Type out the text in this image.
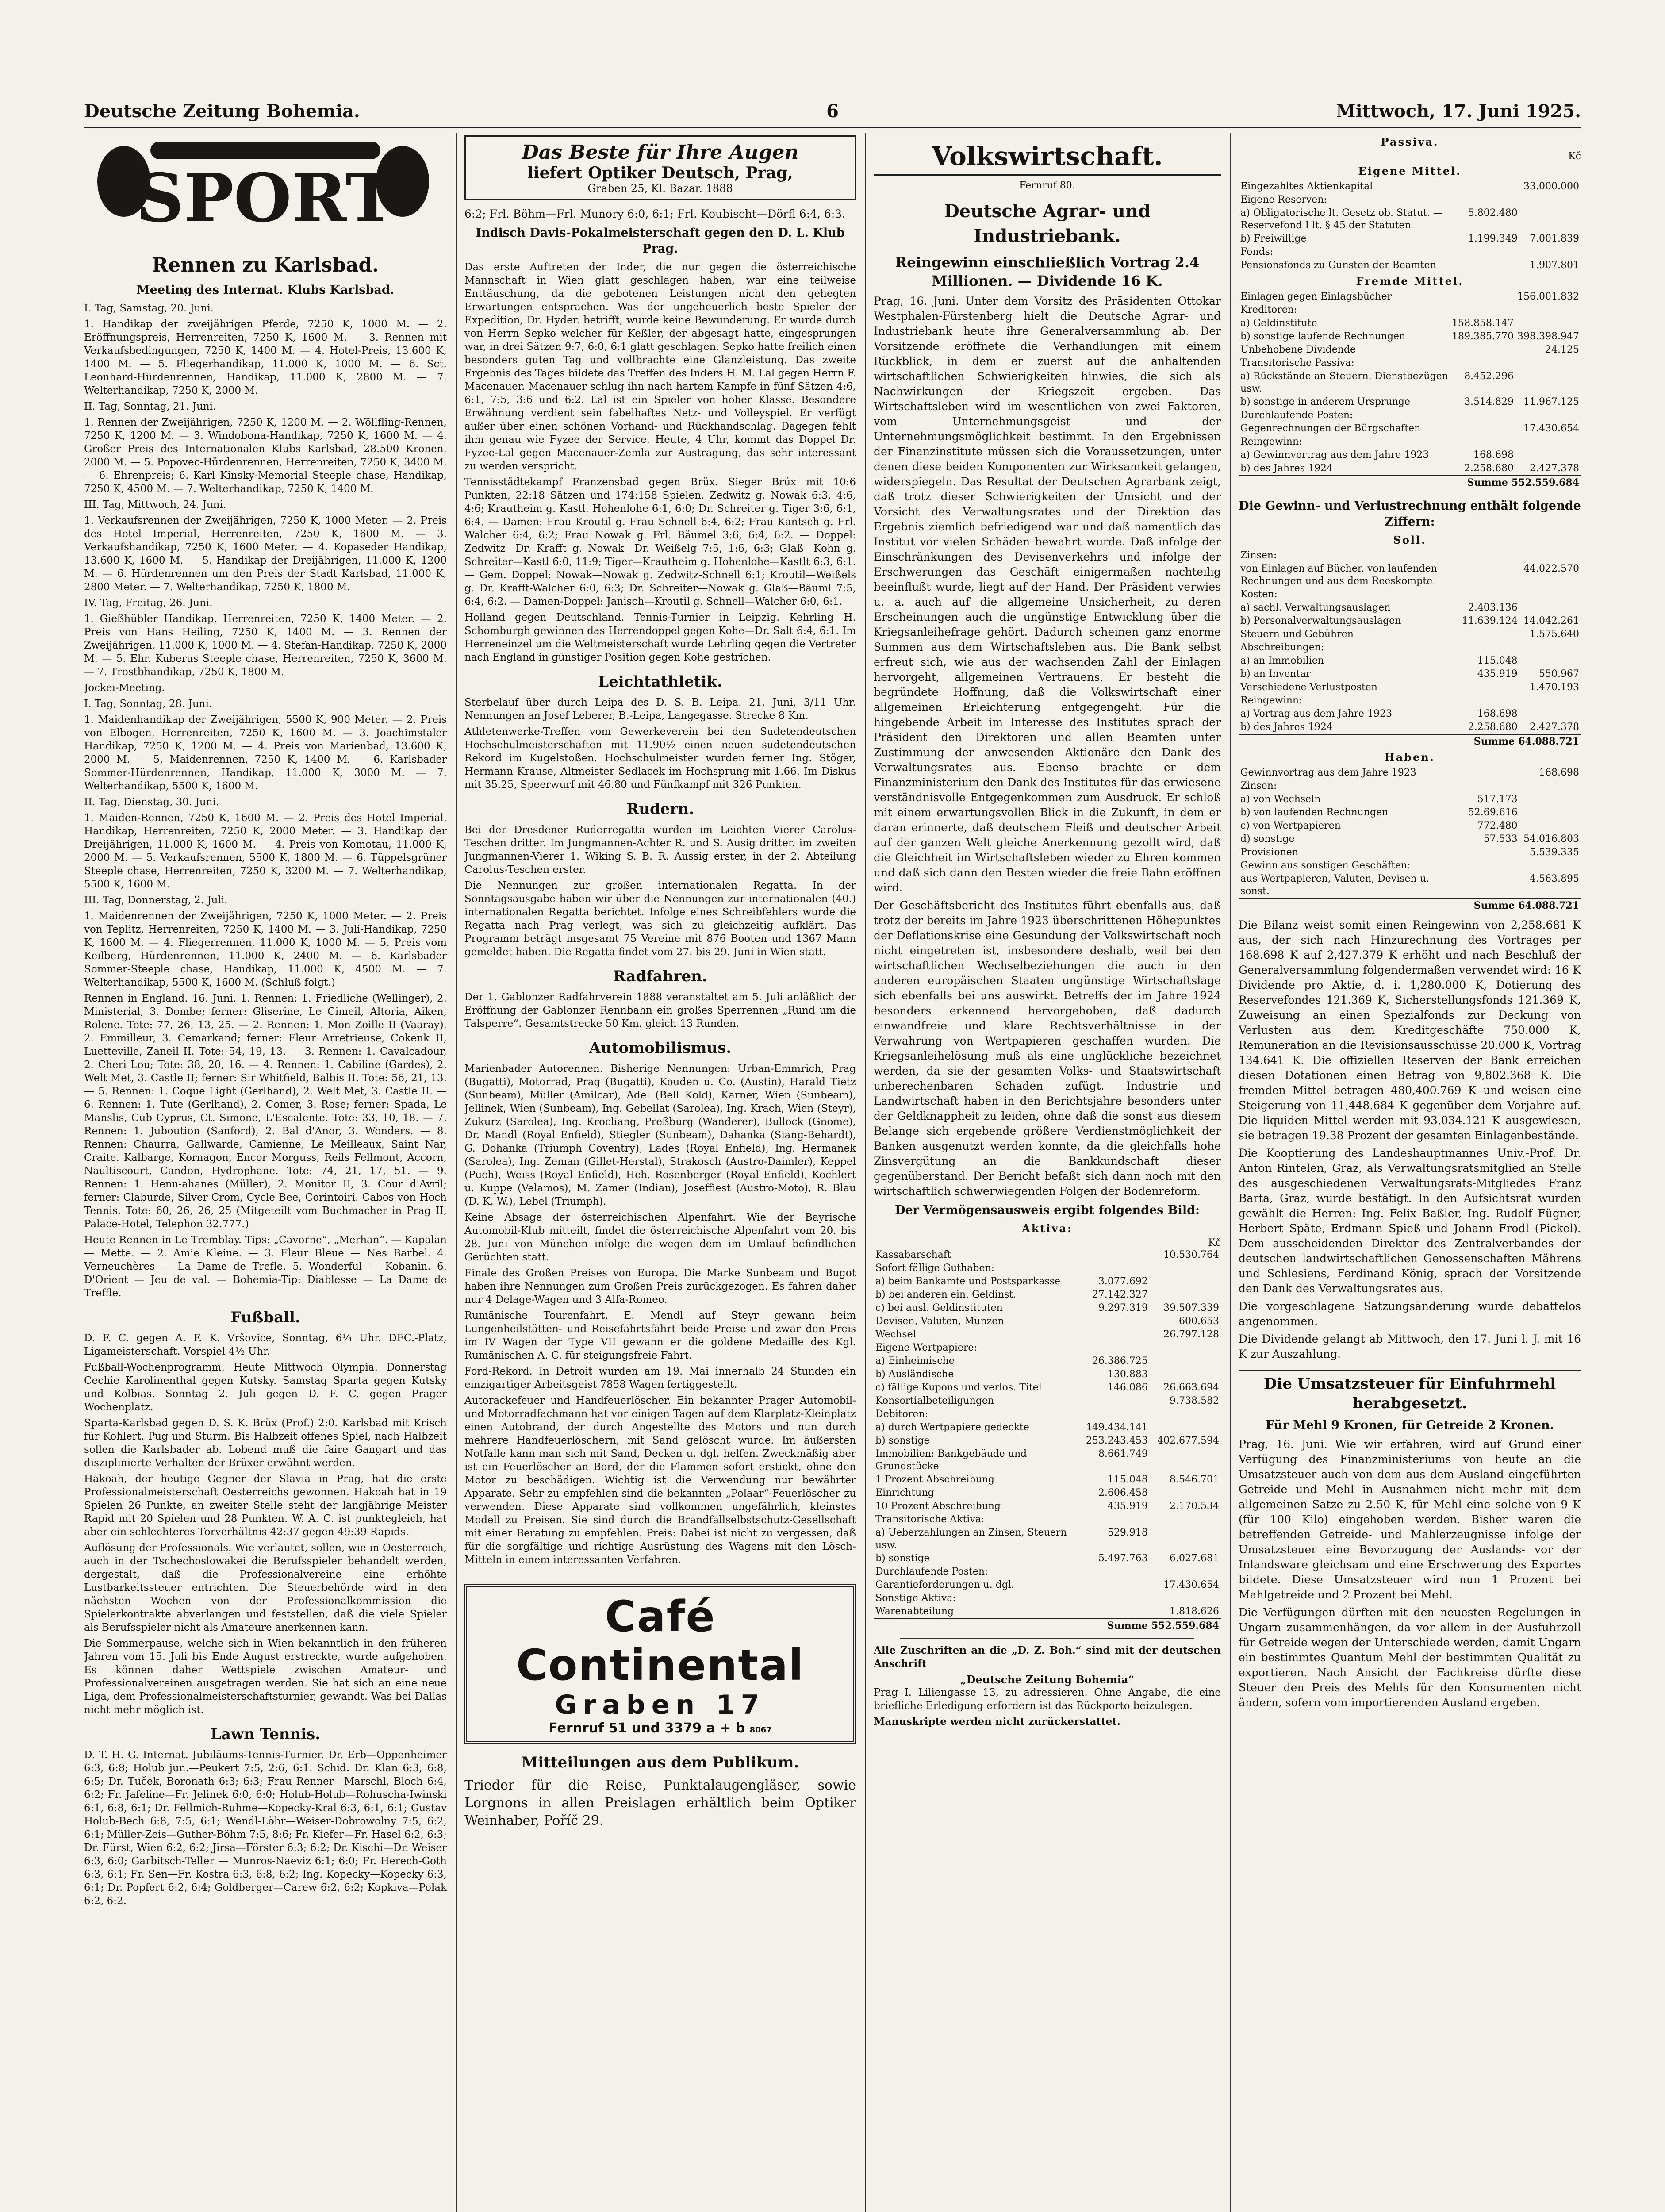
Deutsche Zeitung Bohemia.	6	Mittwoch, 17. Juni 1925.
SPORT
Rennen zu Karlsbad.
Meeting des Internat. Klubs Karlsbad.

I. Tag, Samstag, 20. Juni.

1. Handikap der zweijährigen Pferde, 7250 K, 1000 M. — 2. Eröffnungspreis, Herrenreiten, 7250 K, 1600 M. — 3. Rennen mit Verkaufsbedingungen, 7250 K, 1400 M. — 4. Hotel-Preis, 13.600 K, 1400 M. — 5. Fliegerhandikap, 11.000 K, 1000 M. — 6. Sct. Leonhard-Hürdenrennen, Handikap, 11.000 K, 2800 M. — 7. Welterhandikap, 7250 K, 2000 M.

II. Tag, Sonntag, 21. Juni.

1. Rennen der Zweijährigen, 7250 K, 1200 M. — 2. Wöllfling-Rennen, 7250 K, 1200 M. — 3. Windobona-Handikap, 7250 K, 1600 M. — 4. Großer Preis des Internationalen Klubs Karlsbad, 28.500 Kronen, 2000 M. — 5. Popovec-Hürdenrennen, Herrenreiten, 7250 K, 3400 M. — 6. Ehrenpreis; 6. Karl Kinsky-Memorial Steeple chase, Handikap, 7250 K, 4500 M. — 7. Welterhandikap, 7250 K, 1400 M.

III. Tag, Mittwoch, 24. Juni.

1. Verkaufsrennen der Zweijährigen, 7250 K, 1000 Meter. — 2. Preis des Hotel Imperial, Herrenreiten, 7250 K, 1600 M. — 3. Verkaufshandikap, 7250 K, 1600 Meter. — 4. Kopaseder Handikap, 13.600 K, 1600 M. — 5. Handikap der Dreijährigen, 11.000 K, 1200 M. — 6. Hürdenrennen um den Preis der Stadt Karlsbad, 11.000 K, 2800 Meter. — 7. Welterhandikap, 7250 K, 1800 M.

IV. Tag, Freitag, 26. Juni.

1. Gießhübler Handikap, Herrenreiten, 7250 K, 1400 Meter. — 2. Preis von Hans Heiling, 7250 K, 1400 M. — 3. Rennen der Zweijährigen, 11.000 K, 1000 M. — 4. Stefan-Handikap, 7250 K, 2000 M. — 5. Ehr. Kuberus Steeple chase, Herrenreiten, 7250 K, 3600 M. — 7. Trostbhandikap, 7250 K, 1800 M.

Jockei-Meeting.

I. Tag, Sonntag, 28. Juni.

1. Maidenhandikap der Zweijährigen, 5500 K, 900 Meter. — 2. Preis von Elbogen, Herrenreiten, 7250 K, 1600 M. — 3. Joachimstaler Handikap, 7250 K, 1200 M. — 4. Preis von Marienbad, 13.600 K, 2000 M. — 5. Maidenrennen, 7250 K, 1400 M. — 6. Karlsbader Sommer-Hürdenrennen, Handikap, 11.000 K, 3000 M. — 7. Welterhandikap, 5500 K, 1600 M.

II. Tag, Dienstag, 30. Juni.

1. Maiden-Rennen, 7250 K, 1600 M. — 2. Preis des Hotel Imperial, Handikap, Herrenreiten, 7250 K, 2000 Meter. — 3. Handikap der Dreijährigen, 11.000 K, 1600 M. — 4. Preis von Komotau, 11.000 K, 2000 M. — 5. Verkaufsrennen, 5500 K, 1800 M. — 6. Tüppelsgrüner Steeple chase, Herrenreiten, 7250 K, 3200 M. — 7. Welterhandikap, 5500 K, 1600 M.

III. Tag, Donnerstag, 2. Juli.

1. Maidenrennen der Zweijährigen, 7250 K, 1000 Meter. — 2. Preis von Teplitz, Herrenreiten, 7250 K, 1400 M. — 3. Juli-Handikap, 7250 K, 1600 M. — 4. Fliegerrennen, 11.000 K, 1000 M. — 5. Preis vom Keilberg, Hürdenrennen, 11.000 K, 2400 M. — 6. Karlsbader Sommer-Steeple chase, Handikap, 11.000 K, 4500 M. — 7. Welterhandikap, 5500 K, 1600 M. (Schluß folgt.)

Rennen in England. 16. Juni. 1. Rennen: 1. Friedliche (Wellinger), 2. Ministerial, 3. Dombe; ferner: Gliserine, Le Cimeil, Altoria, Aiken, Rolene. Tote: 77, 26, 13, 25. — 2. Rennen: 1. Mon Zoille II (Vaaray), 2. Emmilleur, 3. Cemarkand; ferner: Fleur Arretrieuse, Cokenk II, Luetteville, Zaneil II. Tote: 54, 19, 13. — 3. Rennen: 1. Cavalcadour, 2. Cheri Lou; Tote: 38, 20, 16. — 4. Rennen: 1. Cabiline (Gardes), 2. Welt Met, 3. Castle II; ferner: Sir Whitfield, Balbis II. Tote: 56, 21, 13. — 5. Rennen: 1. Coque Light (Gerlhand), 2. Welt Met, 3. Castle II. — 6. Rennen: 1. Tute (Gerlhand), 2. Comer, 3. Rose; ferner: Spada, Le Manslis, Cub Cyprus, Ct. Simone, L'Escalente. Tote: 33, 10, 18. — 7. Rennen: 1. Juboution (Sanford), 2. Bal d'Anor, 3. Wonders. — 8. Rennen: Chaurra, Gallwarde, Camienne, Le Meilleaux, Saint Nar, Craite. Kalbarge, Kornagon, Encor Morguss, Reils Fellmont, Accorn, Naultiscourt, Candon, Hydrophane. Tote: 74, 21, 17, 51. — 9. Rennen: 1. Henn-ahanes (Müller), 2. Monitor II, 3. Cour d'Avril; ferner: Claburde, Silver Crom, Cycle Bee, Corintoiri. Cabos von Hoch Tennis. Tote: 60, 26, 26, 25 (Mitgeteilt vom Buchmacher in Prag II, Palace-Hotel, Telephon 32.777.)

Heute Rennen in Le Tremblay. Tips: „Cavorne“, „Merhan“. — Kapalan — Mette. — 2. Amie Kleine. — 3. Fleur Bleue — Nes Barbel. 4. Verneuchères — La Dame de Trefle. 5. Wonderful — Kobanin. 6. D'Orient — Jeu de val. — Bohemia-Tip: Diablesse — La Dame de Treffle.

Fußball.

D. F. C. gegen A. F. K. Vršovice, Sonntag, 6¼ Uhr. DFC.-Platz, Ligameisterschaft. Vorspiel 4½ Uhr.

Fußball-Wochenprogramm. Heute Mittwoch Olympia. Donnerstag Cechie Karolinenthal gegen Kutsky. Samstag Sparta gegen Kutsky und Kolbias. Sonntag 2. Juli gegen D. F. C. gegen Prager Wochenplatz.

Sparta-Karlsbad gegen D. S. K. Brüx (Prof.) 2:0. Karlsbad mit Krisch für Kohlert. Pug und Sturm. Bis Halbzeit offenes Spiel, nach Halbzeit sollen die Karlsbader ab. Lobend muß die faire Gangart und das disziplinierte Verhalten der Brüxer erwähnt werden.

Hakoah, der heutige Gegner der Slavia in Prag, hat die erste Professionalmeisterschaft Oesterreichs gewonnen. Hakoah hat in 19 Spielen 26 Punkte, an zweiter Stelle steht der langjährige Meister Rapid mit 20 Spielen und 28 Punkten. W. A. C. ist punktegleich, hat aber ein schlechteres Torverhältnis 42:37 gegen 49:39 Rapids.

Auflösung der Professionals. Wie verlautet, sollen, wie in Oesterreich, auch in der Tschechoslowakei die Berufsspieler behandelt werden, dergestalt, daß die Professionalvereine eine erhöhte Lustbarkeitssteuer entrichten. Die Steuerbehörde wird in den nächsten Wochen von der Professionalkommission die Spielerkontrakte abverlangen und feststellen, daß die viele Spieler als Berufsspieler nicht als Amateure anerkennen kann.

Die Sommerpause, welche sich in Wien bekanntlich in den früheren Jahren vom 15. Juli bis Ende August erstreckte, wurde aufgehoben. Es können daher Wettspiele zwischen Amateur- und Professionalvereinen ausgetragen werden. Sie hat sich an eine neue Liga, dem Professionalmeisterschaftsturnier, gewandt. Was bei Dallas nicht mehr möglich ist.

Lawn Tennis.

D. T. H. G. Internat. Jubiläums-Tennis-Turnier. Dr. Erb—Oppenheimer 6:3, 6:8; Holub jun.—Peukert 7:5, 2:6, 6:1. Schid. Dr. Klan 6:3, 6:8, 6:5; Dr. Tuček, Boronath 6:3; 6:3; Frau Renner—Marschl, Bloch 6:4, 6:2; Fr. Jafeline—Fr. Jelinek 6:0, 6:0; Holub-Holub—Rohuscha-Iwinski 6:1, 6:8, 6:1; Dr. Fellmich-Ruhme—Kopecky-Kral 6:3, 6:1, 6:1; Gustav Holub-Bech 6:8, 7:5, 6:1; Wendl-Löhr—Weiser-Dobrowolny 7:5, 6:2, 6:1; Müller-Zeis—Guther-Böhm 7:5, 8:6; Fr. Kiefer—Fr. Hasel 6:2, 6:3; Dr. Fürst, Wien 6:2, 6:2; Jirsa—Förster 6:3; 6:2; Dr. Kischi—Dr. Weiser 6:3, 6:0; Garbitsch-Teller — Munros-Naeviz 6:1; 6:0; Fr. Herech-Goth 6:3, 6:1; Fr. Sen—Fr. Kostra 6:3, 6:8, 6:2; Ing. Kopecky—Kopecky 6:3, 6:1; Dr. Popfert 6:2, 6:4; Goldberger—Carew 6:2, 6:2; Kopkiva—Polak 6:2, 6:2.

Das Beste für Ihre Augen
liefert Optiker Deutsch, Prag,
Graben 25, Kl. Bazar. 1888

6:2; Frl. Böhm—Frl. Munory 6:0, 6:1; Frl. Koubischt—Dörfl 6:4, 6:3.

Indisch Davis-Pokalmeisterschaft gegen den D. L. Klub Prag.

Das erste Auftreten der Inder, die nur gegen die österreichische Mannschaft in Wien glatt geschlagen haben, war eine teilweise Enttäuschung, da die gebotenen Leistungen nicht den gehegten Erwartungen entsprachen. Was der ungeheuerlich beste Spieler der Expedition, Dr. Hyder. betrifft, wurde keine Bewunderung. Er wurde durch von Herrn Sepko welcher für Keßler, der abgesagt hatte, eingesprungen war, in drei Sätzen 9:7, 6:0, 6:1 glatt geschlagen. Sepko hatte freilich einen besonders guten Tag und vollbrachte eine Glanzleistung. Das zweite Ergebnis des Tages bildete das Treffen des Inders H. M. Lal gegen Herrn F. Macenauer. Macenauer schlug ihn nach hartem Kampfe in fünf Sätzen 4:6, 6:1, 7:5, 3:6 und 6:2. Lal ist ein Spieler von hoher Klasse. Besondere Erwähnung verdient sein fabelhaftes Netz- und Volleyspiel. Er verfügt außer über einen schönen Vorhand- und Rückhandschlag. Dagegen fehlt ihm genau wie Fyzee der Service. Heute, 4 Uhr, kommt das Doppel Dr. Fyzee-Lal gegen Macenauer-Zemla zur Austragung, das sehr interessant zu werden verspricht.

Tennisstädtekampf Franzensbad gegen Brüx. Sieger Brüx mit 10:6 Punkten, 22:18 Sätzen und 174:158 Spielen. Zedwitz g. Nowak 6:3, 4:6, 4:6; Krautheim g. Kastl. Hohenlohe 6:1, 6:0; Dr. Schreiter g. Tiger 3:6, 6:1, 6:4. — Damen: Frau Kroutil g. Frau Schnell 6:4, 6:2; Frau Kantsch g. Frl. Walcher 6:4, 6:2; Frau Nowak g. Frl. Bäumel 3:6, 6:4, 6:2. — Doppel: Zedwitz—Dr. Krafft g. Nowak—Dr. Weißelg 7:5, 1:6, 6:3; Glaß—Kohn g. Schreiter—Kastl 6:0, 11:9; Tiger—Krautheim g. Hohenlohe—Kastlt 6:3, 6:1. — Gem. Doppel: Nowak—Nowak g. Zedwitz-Schnell 6:1; Kroutil—Weißels g. Dr. Krafft-Walcher 6:0, 6:3; Dr. Schreiter—Nowak g. Glaß—Bäuml 7:5, 6:4, 6:2. — Damen-Doppel: Janisch—Kroutil g. Schnell—Walcher 6:0, 6:1.

Holland gegen Deutschland. Tennis-Turnier in Leipzig. Kehrling—H. Schomburgh gewinnen das Herrendoppel gegen Kohe—Dr. Salt 6:4, 6:1. Im Herreneinzel um die Weltmeisterschaft wurde Lehrling gegen die Vertreter nach England in günstiger Position gegen Kohe gestrichen.

Leichtathletik.

Sterbelauf über durch Leipa des D. S. B. Leipa. 21. Juni, 3/11 Uhr. Nennungen an Josef Leberer, B.-Leipa, Langegasse. Strecke 8 Km.

Athletenwerke-Treffen vom Gewerkeverein bei den Sudetendeutschen Hochschulmeisterschaften mit 11.90½ einen neuen sudetendeutschen Rekord im Kugelstoßen. Hochschulmeister wurden ferner Ing. Stöger, Hermann Krause, Altmeister Sedlacek im Hochsprung mit 1.66. Im Diskus mit 35.25, Speerwurf mit 46.80 und Fünfkampf mit 326 Punkten.

Rudern.

Bei der Dresdener Ruderregatta wurden im Leichten Vierer Carolus-Teschen dritter. Im Jungmannen-Achter R. und S. Ausig dritter. im zweiten Jungmannen-Vierer 1. Wiking S. B. R. Aussig erster, in der 2. Abteilung Carolus-Teschen erster.

Die Nennungen zur großen internationalen Regatta. In der Sonntagsausgabe haben wir über die Nennungen zur internationalen (40.) internationalen Regatta berichtet. Infolge eines Schreibfehlers wurde die Regatta nach Prag verlegt, was sich zu gleichzeitig aufklärt. Das Programm beträgt insgesamt 75 Vereine mit 876 Booten und 1367 Mann gemeldet haben. Die Regatta findet vom 27. bis 29. Juni in Wien statt.

Radfahren.

Der 1. Gablonzer Radfahrverein 1888 veranstaltet am 5. Juli anläßlich der Eröffnung der Gablonzer Rennbahn ein großes Sperrennen „Rund um die Talsperre“. Gesamtstrecke 50 Km. gleich 13 Runden.

Automobilismus.

Marienbader Autorennen. Bisherige Nennungen: Urban-Emmrich, Prag (Bugatti), Motorrad, Prag (Bugatti), Kouden u. Co. (Austin), Harald Tietz (Sunbeam), Müller (Amilcar), Adel (Bell Kold), Karner, Wien (Sunbeam), Jellinek, Wien (Sunbeam), Ing. Gebellat (Sarolea), Ing. Krach, Wien (Steyr), Zukurz (Sarolea), Ing. Krocliang, Preßburg (Wanderer), Bullock (Gnome), Dr. Mandl (Royal Enfield), Stiegler (Sunbeam), Dahanka (Siang-Behardt), G. Dohanka (Triumph Coventry), Lades (Royal Enfield), Ing. Hermanek (Sarolea), Ing. Zeman (Gillet-Herstal), Strakosch (Austro-Daimler), Keppel (Puch), Weiss (Royal Enfield), Hch. Rosenberger (Royal Enfield), Kochlert u. Kuppe (Velamos), M. Zamer (Indian), Joseffiest (Austro-Moto), R. Blau (D. K. W.), Lebel (Triumph).

Keine Absage der österreichischen Alpenfahrt. Wie der Bayrische Automobil-Klub mitteilt, findet die österreichische Alpenfahrt vom 20. bis 28. Juni von München infolge die wegen dem im Umlauf befindlichen Gerüchten statt.

Finale des Großen Preises von Europa. Die Marke Sunbeam und Bugot haben ihre Nennungen zum Großen Preis zurückgezogen. Es fahren daher nur 4 Delage-Wagen und 3 Alfa-Romeo.

Rumänische Tourenfahrt. E. Mendl auf Steyr gewann beim Lungenheilstätten- und Reisefahrtsfahrt beide Preise und zwar den Preis im IV Wagen der Type VII gewann er die goldene Medaille des Kgl. Rumänischen A. C. für steigungsfreie Fahrt.

Ford-Rekord. In Detroit wurden am 19. Mai innerhalb 24 Stunden ein einzigartiger Arbeitsgeist 7858 Wagen fertiggestellt.

Autorackefeuer und Handfeuerlöscher. Ein bekannter Prager Automobil- und Motorradfachmann hat vor einigen Tagen auf dem Klarplatz-Kleinplatz einen Autobrand, der durch Angestellte des Motors und nun durch mehrere Handfeuerlöschern, mit Sand gelöscht wurde. Im äußersten Notfalle kann man sich mit Sand, Decken u. dgl. helfen. Zweckmäßig aber ist ein Feuerlöscher an Bord, der die Flammen sofort erstickt, ohne den Motor zu beschädigen. Wichtig ist die Verwendung nur bewährter Apparate. Sehr zu empfehlen sind die bekannten „Polaar“-Feuerlöscher zu verwenden. Diese Apparate sind vollkommen ungefährlich, kleinstes Modell zu Preisen. Sie sind durch die Brandfallselbstschutz-Gesellschaft mit einer Beratung zu empfehlen. Preis: Dabei ist nicht zu vergessen, daß für die sorgfältige und richtige Ausrüstung des Wagens mit den Lösch-Mitteln in einem interessanten Verfahren.

Café Continental
Graben 17
Fernruf 51 und 3379 a + b 8067
Mitteilungen aus dem Publikum.

Trieder für die Reise, Punktalaugengläser, sowie Lorgnons in allen Preislagen erhältlich beim Optiker Weinhaber, Poříč 29.

Volkswirtschaft.
Fernruf 80.
Deutsche Agrar- und Industriebank.
Reingewinn einschließlich Vortrag 2.4 Millionen. — Dividende 16 K.

Prag, 16. Juni. Unter dem Vorsitz des Präsidenten Ottokar Westphalen-Fürstenberg hielt die Deutsche Agrar- und Industriebank heute ihre Generalversammlung ab. Der Vorsitzende eröffnete die Verhandlungen mit einem Rückblick, in dem er zuerst auf die anhaltenden wirtschaftlichen Schwierigkeiten hinwies, die sich als Nachwirkungen der Kriegszeit ergeben. Das Wirtschaftsleben wird im wesentlichen von zwei Faktoren, vom Unternehmungsgeist und der Unternehmungsmöglichkeit bestimmt. In den Ergebnissen der Finanzinstitute müssen sich die Voraussetzungen, unter denen diese beiden Komponenten zur Wirksamkeit gelangen, widerspiegeln. Das Resultat der Deutschen Agrarbank zeigt, daß trotz dieser Schwierigkeiten der Umsicht und der Vorsicht des Verwaltungsrates und der Direktion das Ergebnis ziemlich befriedigend war und daß namentlich das Institut vor vielen Schäden bewahrt wurde. Daß infolge der Einschränkungen des Devisenverkehrs und infolge der Erschwerungen das Geschäft einigermaßen nachteilig beeinflußt wurde, liegt auf der Hand. Der Präsident verwies u. a. auch auf die allgemeine Unsicherheit, zu deren Erscheinungen auch die ungünstige Entwicklung über die Kriegsanleihefrage gehört. Dadurch scheinen ganz enorme Summen aus dem Wirtschaftsleben aus. Die Bank selbst erfreut sich, wie aus der wachsenden Zahl der Einlagen hervorgeht, allgemeinen Vertrauens. Er besteht die begründete Hoffnung, daß die Volkswirtschaft einer allgemeinen Erleichterung entgegengeht. Für die hingebende Arbeit im Interesse des Institutes sprach der Präsident den Direktoren und allen Beamten unter Zustimmung der anwesenden Aktionäre den Dank des Verwaltungsrates aus. Ebenso brachte er dem Finanzministerium den Dank des Institutes für das erwiesene verständnisvolle Entgegenkommen zum Ausdruck. Er schloß mit einem erwartungsvollen Blick in die Zukunft, in dem er daran erinnerte, daß deutschem Fleiß und deutscher Arbeit auf der ganzen Welt gleiche Anerkennung gezollt wird, daß die Gleichheit im Wirtschaftsleben wieder zu Ehren kommen und daß sich dann den Besten wieder die freie Bahn eröffnen wird.

Der Geschäftsbericht des Institutes führt ebenfalls aus, daß trotz der bereits im Jahre 1923 überschrittenen Höhepunktes der Deflationskrise eine Gesundung der Volkswirtschaft noch nicht eingetreten ist, insbesondere deshalb, weil bei den wirtschaftlichen Wechselbeziehungen die auch in den anderen europäischen Staaten ungünstige Wirtschaftslage sich ebenfalls bei uns auswirkt. Betreffs der im Jahre 1924 besonders erkennend hervorgehoben, daß dadurch einwandfreie und klare Rechtsverhältnisse in der Verwahrung von Wertpapieren geschaffen wurden. Die Kriegsanleihelösung muß als eine unglückliche bezeichnet werden, da sie der gesamten Volks- und Staatswirtschaft unberechenbaren Schaden zufügt. Industrie und Landwirtschaft haben in den Berichtsjahre besonders unter der Geldknappheit zu leiden, ohne daß die sonst aus diesem Belange sich ergebende größere Verdienstmöglichkeit der Banken ausgenutzt werden konnte, da die gleichfalls hohe Zinsvergütung an die Bankkundschaft dieser gegenüberstand. Der Bericht befaßt sich dann noch mit den wirtschaftlich schwerwiegenden Folgen der Bodenreform.

Der Vermögensausweis ergibt folgendes Bild:
Aktiva:
Kč
Kassabarschaft		10.530.764
Sofort fällige Guthaben:		
a) beim Bankamte und Postsparkasse	3.077.692	
b) bei anderen ein. Geldinst.	27.142.327	
c) bei ausl. Geldinstituten	9.297.319	39.507.339
Devisen, Valuten, Münzen		600.653
Wechsel		26.797.128
Eigene Wertpapiere:		
a) Einheimische	26.386.725	
b) Ausländische	130.883	
c) fällige Kupons und verlos. Titel	146.086	26.663.694
Konsortialbeteiligungen		9.738.582
Debitoren:		
a) durch Wertpapiere gedeckte	149.434.141	
b) sonstige	253.243.453	402.677.594
Immobilien: Bankgebäude und Grundstücke	8.661.749	
1 Prozent Abschreibung	115.048	8.546.701
Einrichtung	2.606.458	
10 Prozent Abschreibung	435.919	2.170.534
Transitorische Aktiva:		
a) Ueberzahlungen an Zinsen, Steuern usw.	529.918	
b) sonstige	5.497.763	6.027.681
Durchlaufende Posten:		
Garantieforderungen u. dgl.		17.430.654
Sonstige Aktiva:		
Warenabteilung		1.818.626
	Summe	552.559.684

Alle Zuschriften an die „D. Z. Boh.“ sind mit der deutschen Anschrift

„Deutsche Zeitung Bohemia“

Prag I. Liliengasse 13, zu adressieren. Ohne Angabe, die eine briefliche Erledigung erfordern ist das Rückporto beizulegen.

Manuskripte werden nicht zurückerstattet.

Passiva.
Kč
Eigene Mittel.
Eingezahltes Aktienkapital		33.000.000
Eigene Reserven:		
a) Obligatorische lt. Gesetz ob. Statut. — Reservefond I lt. § 45 der Statuten	5.802.480	
b) Freiwillige	1.199.349	7.001.839
Fonds:		
Pensionsfonds zu Gunsten der Beamten		1.907.801
Fremde Mittel.
Einlagen gegen Einlagsbücher		156.001.832
Kreditoren:		
a) Geldinstitute	158.858.147	
b) sonstige laufende Rechnungen	189.385.770	398.398.947
Unbehobene Dividende		24.125
Transitorische Passiva:		
a) Rückstände an Steuern, Dienstbezügen usw.	8.452.296	
b) sonstige in anderem Ursprunge	3.514.829	11.967.125
Durchlaufende Posten:		
Gegenrechnungen der Bürgschaften		17.430.654
Reingewinn:		
a) Gewinnvortrag aus dem Jahre 1923	168.698	
b) des Jahres 1924	2.258.680	2.427.378
	Summe	552.559.684
Die Gewinn- und Verlustrechnung enthält folgende Ziffern:
Soll.
Zinsen:		
von Einlagen auf Bücher, von laufenden Rechnungen und aus dem Reeskompte		44.022.570
Kosten:		
a) sachl. Verwaltungsauslagen	2.403.136	
b) Personalverwaltungsauslagen	11.639.124	14.042.261
Steuern und Gebühren		1.575.640
Abschreibungen:		
a) an Immobilien	115.048	
b) an Inventar	435.919	550.967
Verschiedene Verlustposten		1.470.193
Reingewinn:		
a) Vortrag aus dem Jahre 1923	168.698	
b) des Jahres 1924	2.258.680	2.427.378
	Summe	64.088.721
Haben.
Gewinnvortrag aus dem Jahre 1923		168.698
Zinsen:		
a) von Wechseln	517.173	
b) von laufenden Rechnungen	52.69.616	
c) von Wertpapieren	772.480	
d) sonstige	57.533	54.016.803
Provisionen		5.539.335
Gewinn aus sonstigen Geschäften:		
aus Wertpapieren, Valuten, Devisen u. sonst.		4.563.895
	Summe	64.088.721

Die Bilanz weist somit einen Reingewinn von 2,258.681 K aus, der sich nach Hinzurechnung des Vortrages per 168.698 K auf 2,427.379 K erhöht und nach Beschluß der Generalversammlung folgendermaßen verwendet wird: 16 K Dividende pro Aktie, d. i. 1,280.000 K, Dotierung des Reservefondes 121.369 K, Sicherstellungsfonds 121.369 K, Zuweisung an einen Spezialfonds zur Deckung von Verlusten aus dem Kreditgeschäfte 750.000 K, Remuneration an die Revisionsausschüsse 20.000 K, Vortrag 134.641 K. Die offiziellen Reserven der Bank erreichen diesen Dotationen einen Betrag von 9,802.368 K. Die fremden Mittel betragen 480,400.769 K und weisen eine Steigerung von 11,448.684 K gegenüber dem Vorjahre auf. Die liquiden Mittel werden mit 93,034.121 K ausgewiesen, sie betragen 19.38 Prozent der gesamten Einlagenbestände.

Die Kooptierung des Landeshauptmannes Univ.-Prof. Dr. Anton Rintelen, Graz, als Verwaltungsratsmitglied an Stelle des ausgeschiedenen Verwaltungsrats-Mitgliedes Franz Barta, Graz, wurde bestätigt. In den Aufsichtsrat wurden gewählt die Herren: Ing. Felix Baßler, Ing. Rudolf Fügner, Herbert Späte, Erdmann Spieß und Johann Frodl (Pickel). Dem ausscheidenden Direktor des Zentralverbandes der deutschen landwirtschaftlichen Genossenschaften Mährens und Schlesiens, Ferdinand König, sprach der Vorsitzende den Dank des Verwaltungsrates aus.

Die vorgeschlagene Satzungsänderung wurde debattelos angenommen.

Die Dividende gelangt ab Mittwoch, den 17. Juni l. J. mit 16 K zur Auszahlung.

Die Umsatzsteuer für Einfuhrmehl herabgesetzt.
Für Mehl 9 Kronen, für Getreide 2 Kronen.

Prag, 16. Juni. Wie wir erfahren, wird auf Grund einer Verfügung des Finanzministeriums von heute an die Umsatzsteuer auch von dem aus dem Ausland eingeführten Getreide und Mehl in Ausnahmen nicht mehr mit dem allgemeinen Satze zu 2.50 K, für Mehl eine solche von 9 K (für 100 Kilo) eingehoben werden. Bisher waren die betreffenden Getreide- und Mahlerzeugnisse infolge der Umsatzsteuer eine Bevorzugung der Auslands- vor der Inlandsware gleichsam und eine Erschwerung des Exportes bildete. Diese Umsatzsteuer wird nun 1 Prozent bei Mahlgetreide und 2 Prozent bei Mehl.

Die Verfügungen dürften mit den neuesten Regelungen in Ungarn zusammenhängen, da vor allem in der Ausfuhrzoll für Getreide wegen der Unterschiede werden, damit Ungarn ein bestimmtes Quantum Mehl der bestimmten Qualität zu exportieren. Nach Ansicht der Fachkreise dürfte diese Steuer den Preis des Mehls für den Konsumenten nicht ändern, sofern vom importierenden Ausland ergeben.
